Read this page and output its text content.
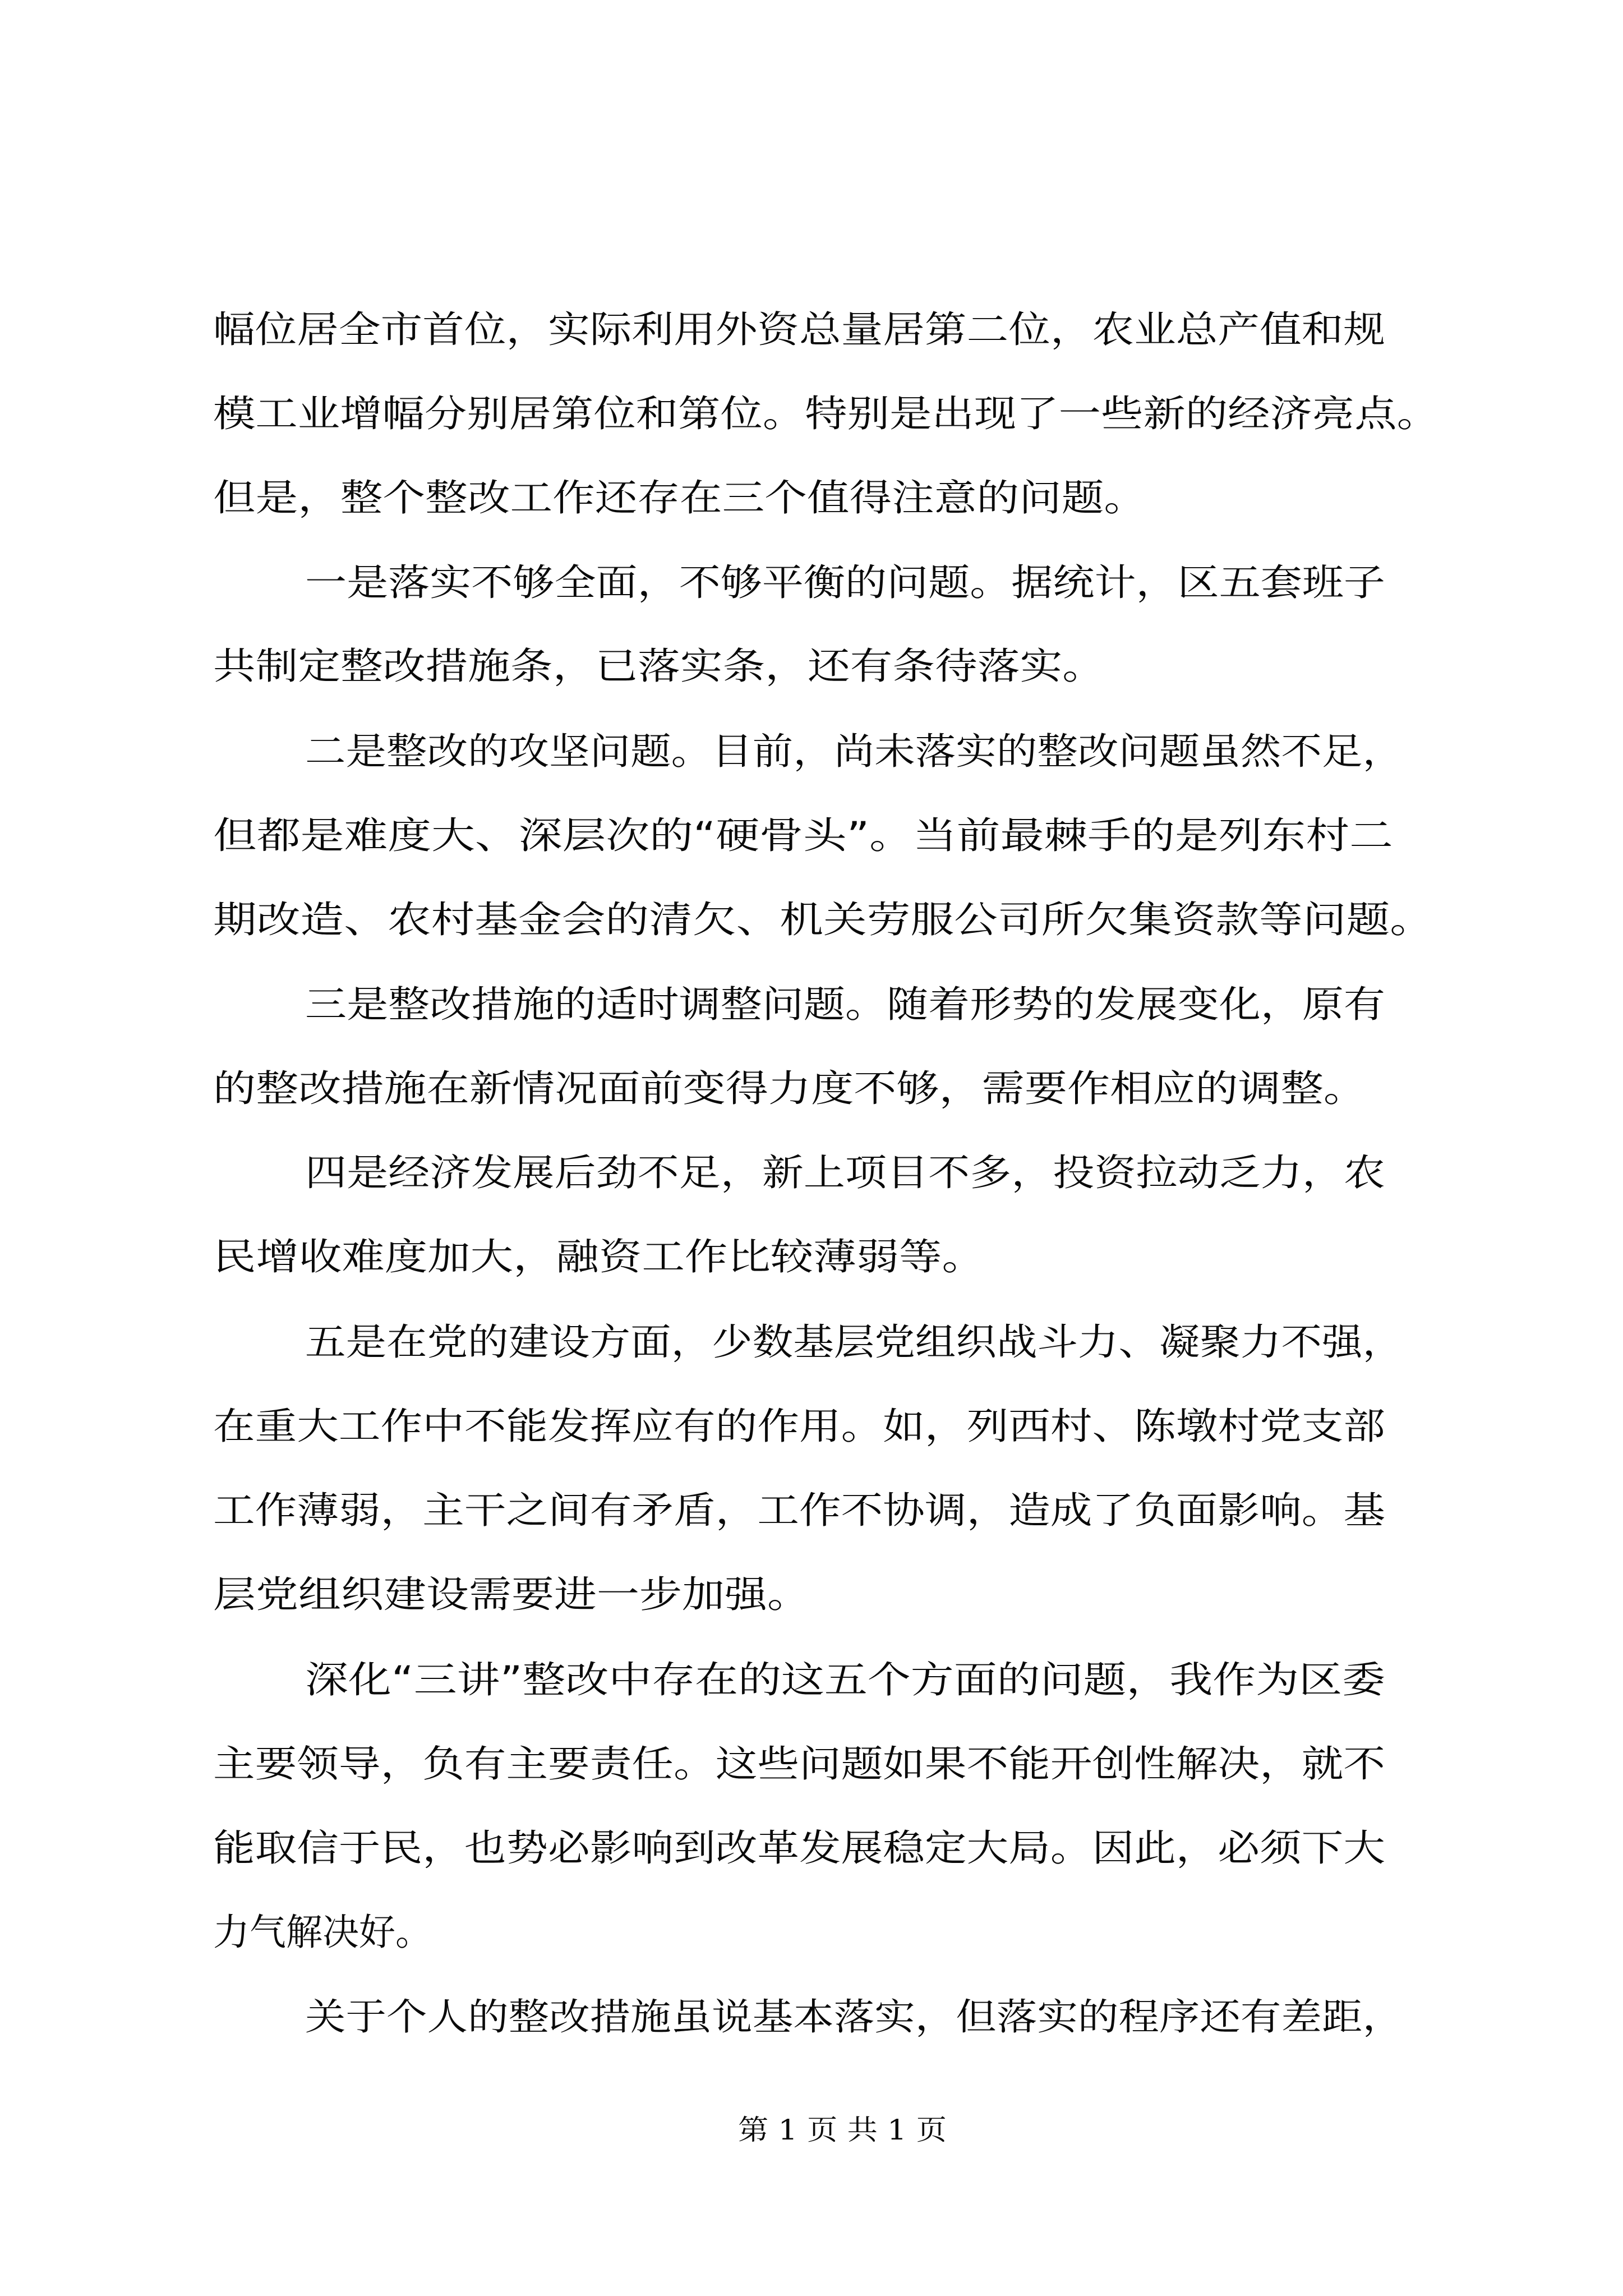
幅位居全市首位，实际利用外资总量居第二位，农业总产值和规
模工业增幅分别居第位和第位。特别是出现了一些新的经济亮点。
但是，整个整改工作还存在三个值得注意的问题。
一是落实不够全面，不够平衡的问题。据统计，区五套班子
共制定整改措施条，已落实条，还有条待落实。
二是整改的攻坚问题。目前，尚未落实的整改问题虽然不足，
但都是难度大、深层次的“硬骨头”。当前最棘手的是列东村二
期改造、农村基金会的清欠、机关劳服公司所欠集资款等问题。
三是整改措施的适时调整问题。随着形势的发展变化，原有
的整改措施在新情况面前变得力度不够，需要作相应的调整。
四是经济发展后劲不足，新上项目不多，投资拉动乏力，农
民增收难度加大，融资工作比较薄弱等。
五是在党的建设方面，少数基层党组织战斗力、凝聚力不强，
在重大工作中不能发挥应有的作用。如，列西村、陈墩村党支部
工作薄弱，主干之间有矛盾，工作不协调，造成了负面影响。基
层党组织建设需要进一步加强。
深化“三讲”整改中存在的这五个方面的问题，我作为区委
主要领导，负有主要责任。这些问题如果不能开创性解决，就不
能取信于民，也势必影响到改革发展稳定大局。因此，必须下大
力气解决好。
关于个人的整改措施虽说基本落实，但落实的程序还有差距，
第 1 页 共 1 页
